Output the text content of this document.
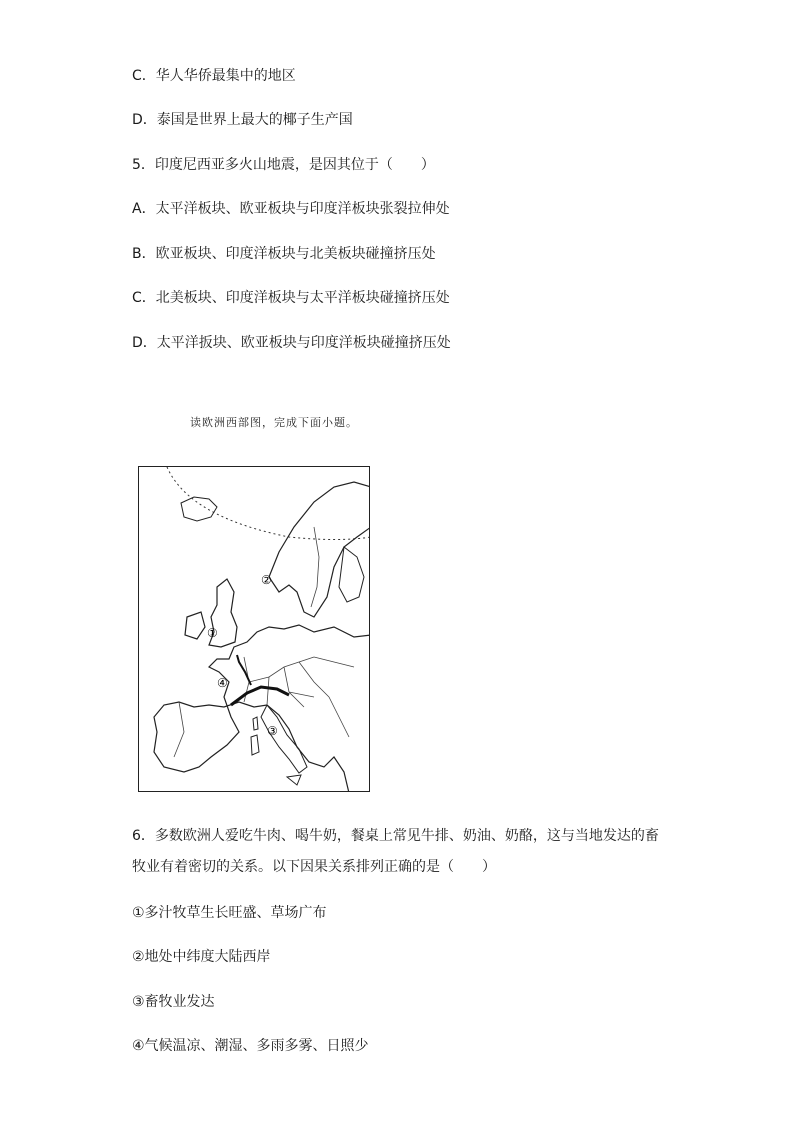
C．华人华侨最集中的地区
D．泰国是世界上最大的椰子生产国
5．印度尼西亚多火山地震，是因其位于（　　）
A．太平洋板块、欧亚板块与印度洋板块张裂拉伸处
B．欧亚板块、印度洋板块与北美板块碰撞挤压处
C．北美板块、印度洋板块与太平洋板块碰撞挤压处
D．太平洋扳块、欧亚板块与印度洋板块碰撞挤压处
读欧洲西部图，完成下面小题。
②
①
④
③
6．多数欧洲人爱吃牛肉、喝牛奶，餐桌上常见牛排、奶油、奶酪，这与当地发达的畜
牧业有着密切的关系。以下因果关系排列正确的是（　　）
①多汁牧草生长旺盛、草场广布
②地处中纬度大陆西岸
③畜牧业发达
④气候温凉、潮湿、多雨多雾、日照少
